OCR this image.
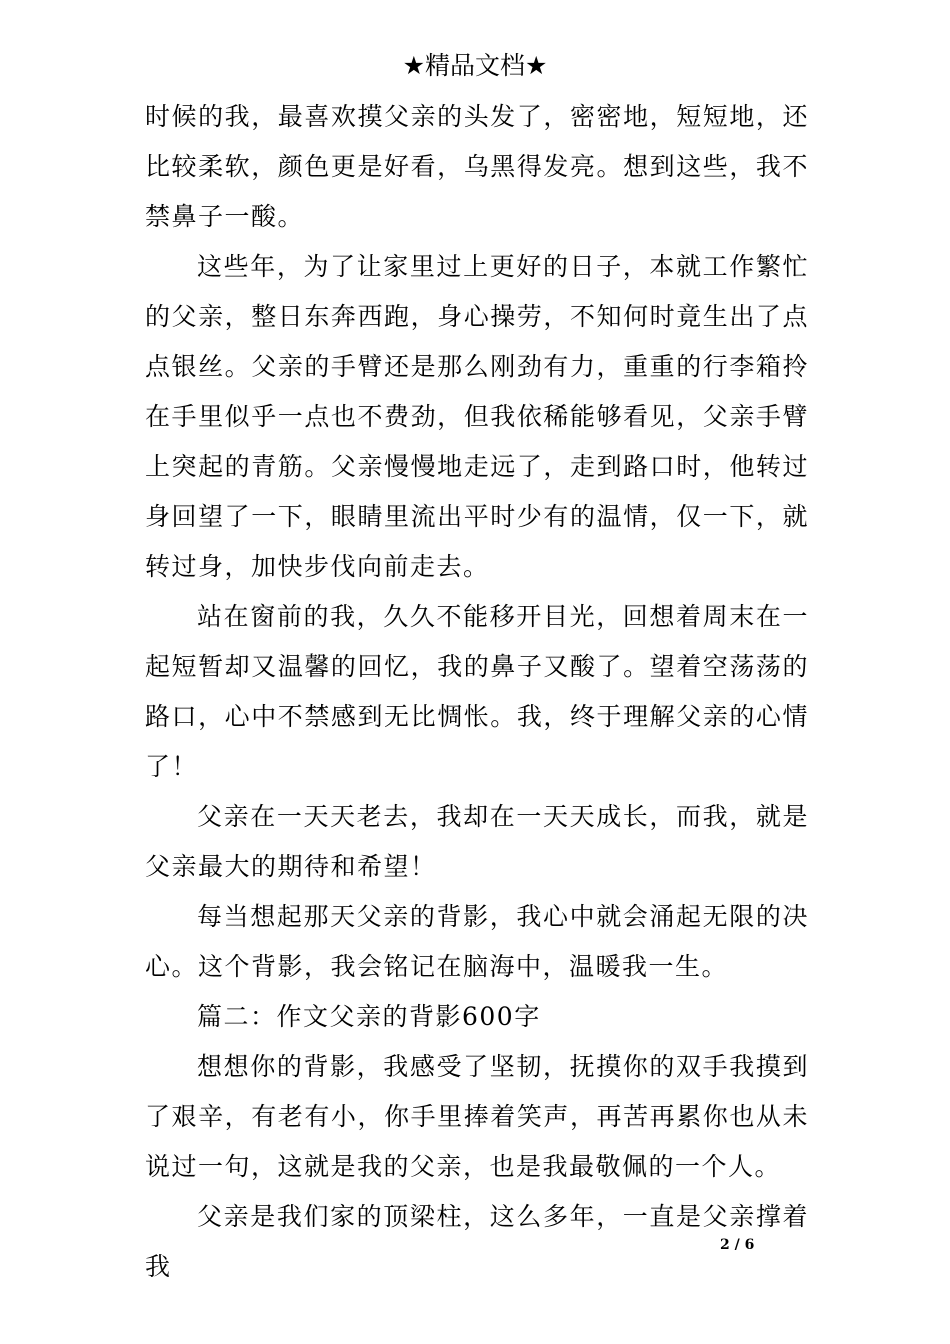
★精品文档★

时候的我，最喜欢摸父亲的头发了，密密地，短短地，还比较柔软，颜色更是好看，乌黑得发亮。想到这些，我不禁鼻子一酸。

这些年，为了让家里过上更好的日子，本就工作繁忙的父亲，整日东奔西跑，身心操劳，不知何时竟生出了点点银丝。父亲的手臂还是那么刚劲有力，重重的行李箱拎在手里似乎一点也不费劲，但我依稀能够看见，父亲手臂上突起的青筋。父亲慢慢地走远了，走到路口时，他转过身回望了一下，眼睛里流出平时少有的温情，仅一下，就转过身，加快步伐向前走去。

站在窗前的我，久久不能移开目光，回想着周末在一起短暂却又温馨的回忆，我的鼻子又酸了。望着空荡荡的路口，心中不禁感到无比惆怅。我，终于理解父亲的心情了！

父亲在一天天老去，我却在一天天成长，而我，就是父亲最大的期待和希望！

每当想起那天父亲的背影，我心中就会涌起无限的决心。这个背影，我会铭记在脑海中，温暖我一生。

篇二：作文父亲的背影600字

想想你的背影，我感受了坚韧，抚摸你的双手我摸到了艰辛，有老有小，你手里捧着笑声，再苦再累你也从未说过一句，这就是我的父亲，也是我最敬佩的一个人。

父亲是我们家的顶梁柱，这么多年，一直是父亲撑着我

2 / 6
